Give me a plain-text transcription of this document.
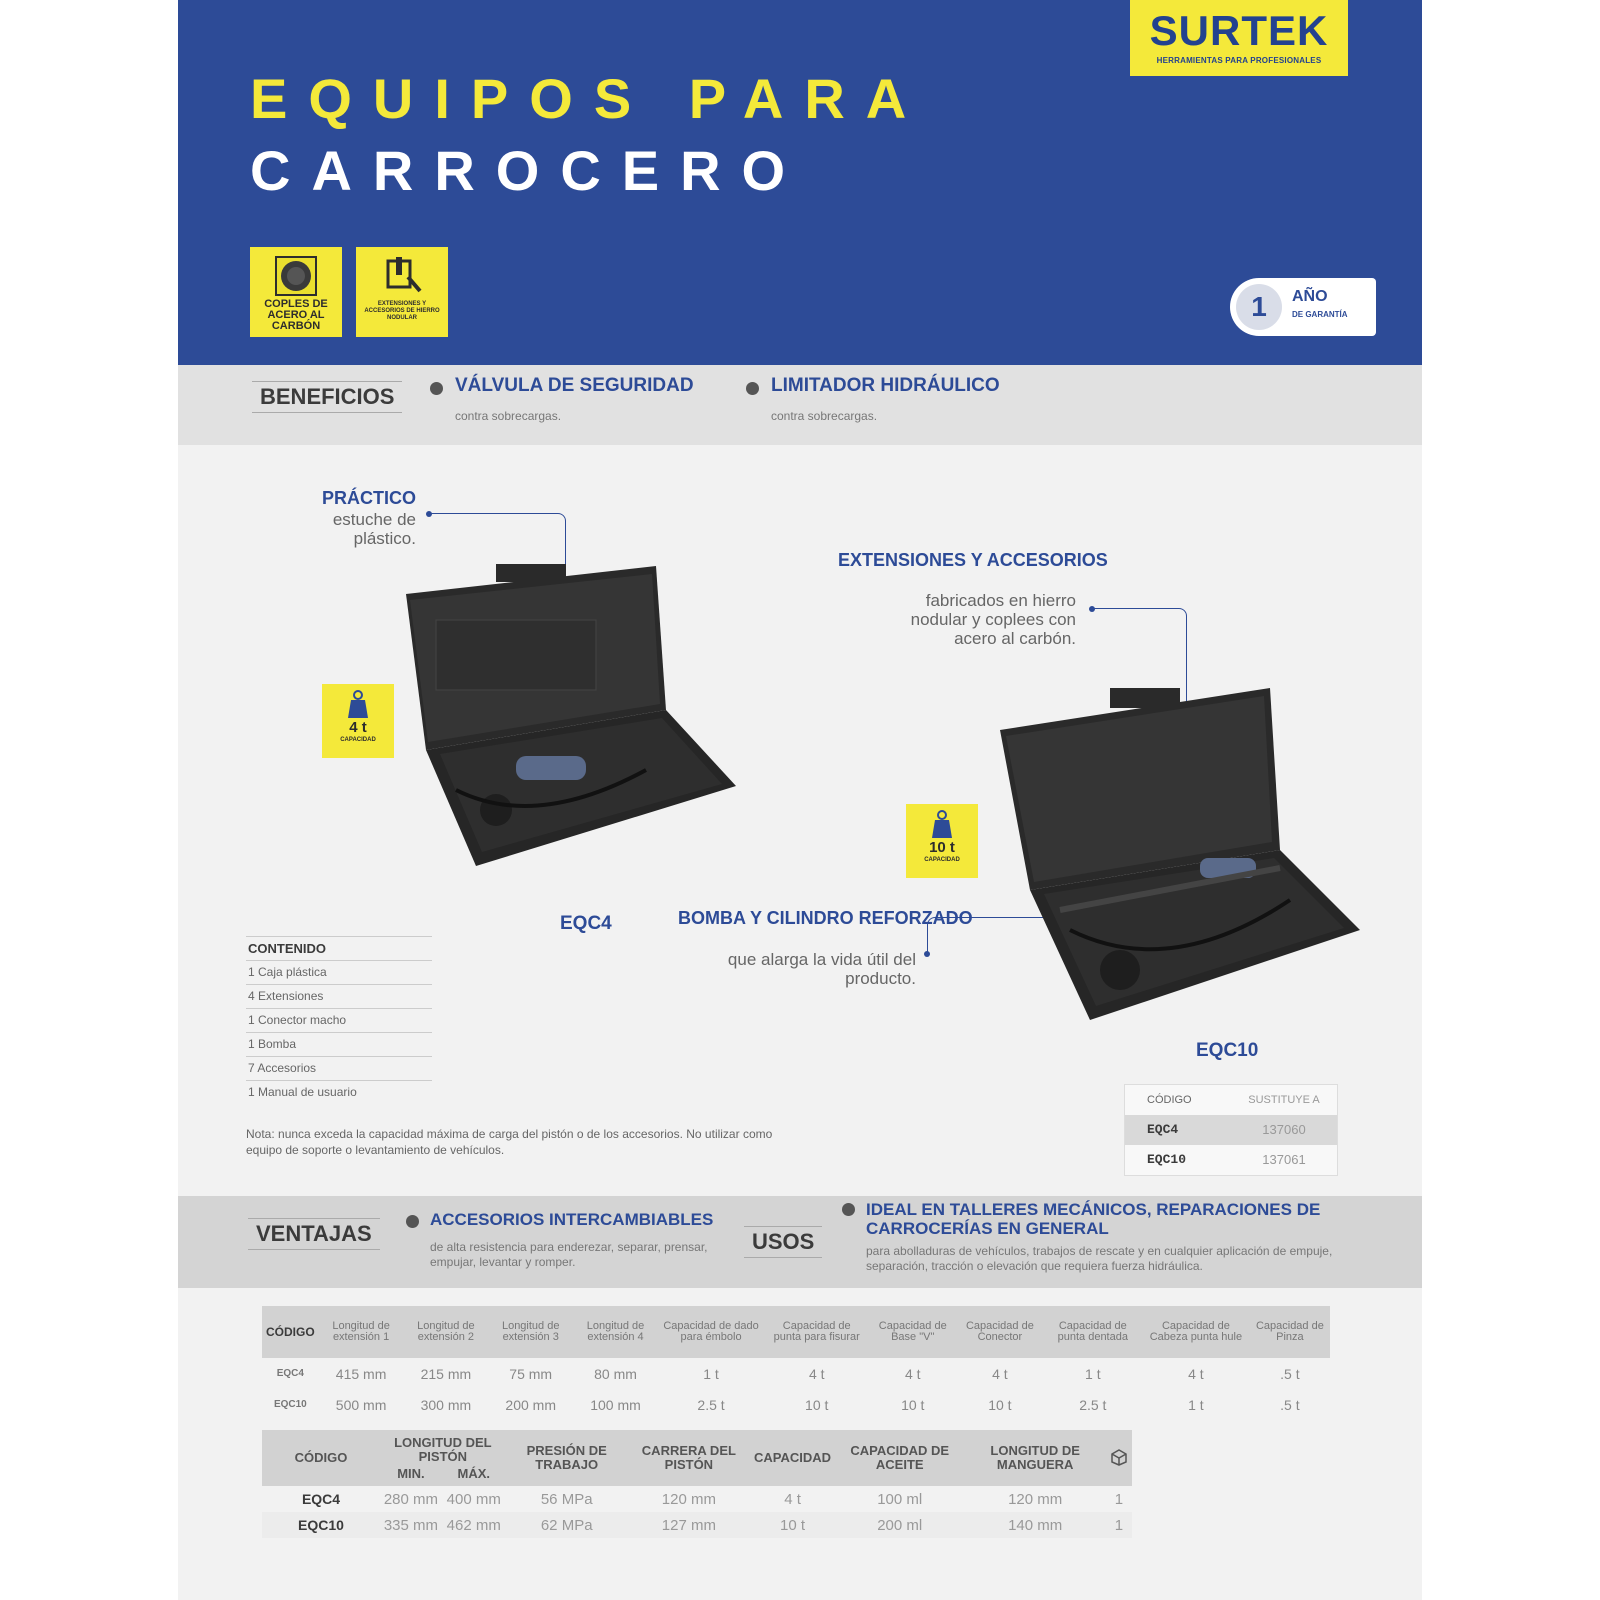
SURTEK
HERRAMIENTAS PARA PROFESIONALES
EQUIPOS PARA
CARROCERO
COPLES DE ACERO AL CARBÓN
EXTENSIONES Y ACCESORIOS DE HIERRO NODULAR	1	AÑO
DE GARANTÍA
BENEFICIOS	VÁLVULA DE SEGURIDAD
contra sobrecargas.
LIMITADOR HIDRÁULICO
contra sobrecargas.
PRÁCTICO
estuche de plástico.
EXTENSIONES Y ACCESORIOS
fabricados en hierro nodular y coplees con acero al carbón.
BOMBA Y CILINDRO REFORZADO
que alarga la vida útil del producto.
4 t
CAPACIDAD
10 t
CAPACIDAD
EQC4
EQC10
CONTENIDO
1 Caja plástica
4 Extensiones
1 Conector macho
1 Bomba
7 Accesorios
1 Manual de usuario
Nota: nunca exceda la capacidad máxima de carga del pistón o de los accesorios. No utilizar como equipo de soporte o levantamiento de vehículos.
CÓDIGO	SUSTITUYE A
EQC4	137060
EQC10	137061
VENTAJAS
ACCESORIOS INTERCAMBIABLES
de alta resistencia para enderezar, separar, prensar, empujar, levantar y romper.
USOS
IDEAL EN TALLERES MECÁNICOS, REPARACIONES DE CARROCERÍAS EN GENERAL
para abolladuras de vehículos, trabajos de rescate y en cualquier aplicación de empuje, separación, tracción o elevación que requiera fuerza hidráulica.
CÓDIGO	Longitud de extensión 1	Longitud de extensión 2	Longitud de extensión 3	Longitud de extensión 4	Capacidad de dado para émbolo	Capacidad de punta para fisurar	Capacidad de Base "V"	Capacidad de Conector	Capacidad de punta dentada	Capacidad de Cabeza punta hule	Capacidad de Pinza
EQC4	415 mm	215 mm	75 mm	80 mm	1 t	4 t	4 t	4 t	1 t	4 t	.5 t
EQC10	500 mm	300 mm	200 mm	100 mm	2.5 t	10 t	10 t	10 t	2.5 t	1 t	.5 t
CÓDIGO	LONGITUD DEL PISTÓN		PRESIÓN DE TRABAJO	CARRERA DEL PISTÓN	CAPACIDAD	CAPACIDAD DE ACEITE	LONGITUD DE MANGUERA	
	MIN.	MÁX.						
EQC4	280 mm	400 mm	56 MPa	120 mm	4 t	100 ml	120 mm	1
EQC10	335 mm	462 mm	62 MPa	127 mm	10 t	200 ml	140 mm	1
